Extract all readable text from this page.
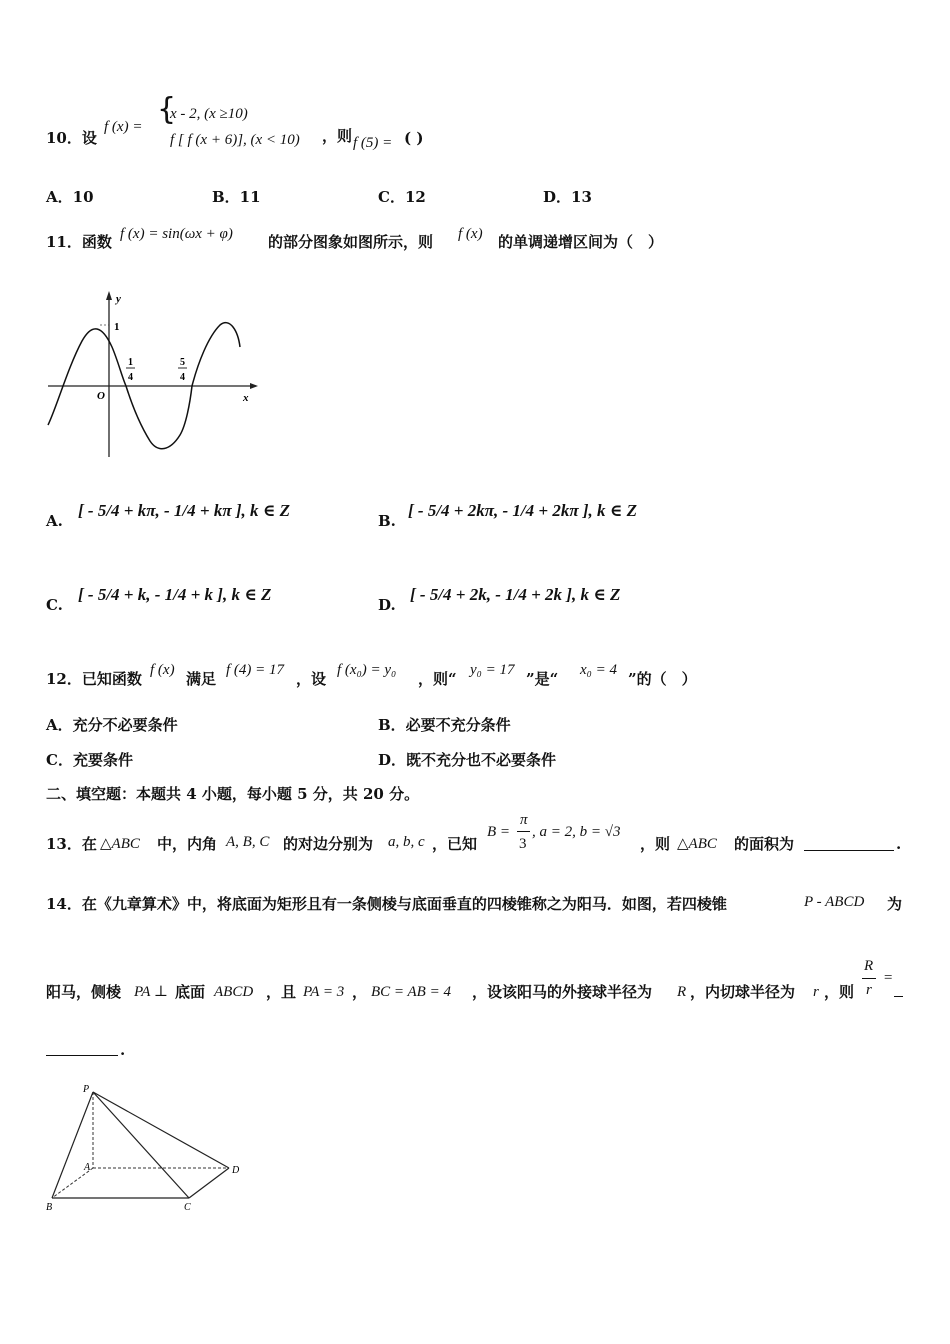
10．设
f (x) = {
x - 2, (x ≥10)
f [ f (x + 6)], (x < 10) ，则 f (5) = ( )
A．10	B．11	C．12	D．13
11．函数 f (x) = sin(ωx + φ) 的部分图象如图所示，则 f (x) 的单调递增区间为（　）
y
x
O
1
1
4
5
4
A.
[ - 5/4 + kπ, - 1/4 + kπ ], k ∈ Z
B.
[ - 5/4 + 2kπ, - 1/4 + 2kπ ], k ∈ Z
C.
[ - 5/4 + k, - 1/4 + k ], k ∈ Z
D.
[ - 5/4 + 2k, - 1/4 + 2k ], k ∈ Z
12．已知函数 f (x) 满足 f (4) = 17 ，设 f (x₀) = y₀ ，则“ y₀ = 17 ”是“ x₀ = 4 ”的（　）
A．充分不必要条件	B．必要不充分条件
C．充要条件	D．既不充分也不必要条件
二、填空题：本题共 4 小题，每小题 5 分，共 20 分。
13．在 △ABC 中，内角 A, B, C 的对边分别为 a, b, c ，已知
B =
π
3
, a = 2, b = √3
，则 △ABC 的面积为	.
14．在《九章算术》中，将底面为矩形且有一条侧棱与底面垂直的四棱锥称之为阳马．如图，若四棱锥	P - ABCD 为
阳马，侧棱 PA ⊥ 底面 ABCD ，且 PA = 3 ， BC = AB = 4 ，设该阳马的外接球半径为 R ，内切球半径为 r ，则
R
r
=
.
P
A
B	C
D
